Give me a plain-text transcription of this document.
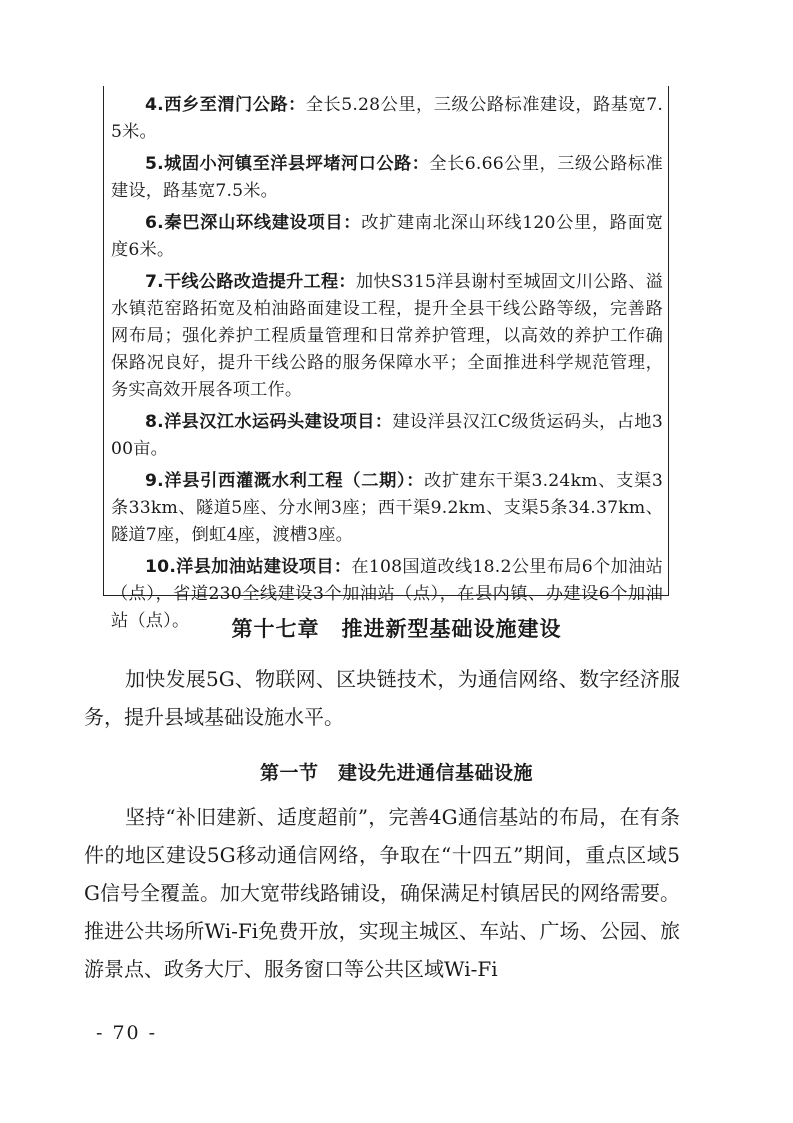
4.西乡至渭门公路：全长5.28公里，三级公路标准建设，路基宽7.5米。

5.城固小河镇至洋县坪堵河口公路：全长6.66公里，三级公路标准建设，路基宽7.5米。

6.秦巴深山环线建设项目：改扩建南北深山环线120公里，路面宽度6米。

7.干线公路改造提升工程：加快S315洋县谢村至城固文川公路、溢水镇范窑路拓宽及柏油路面建设工程，提升全县干线公路等级，完善路网布局；强化养护工程质量管理和日常养护管理，以高效的养护工作确保路况良好，提升干线公路的服务保障水平；全面推进科学规范管理，务实高效开展各项工作。

8.洋县汉江水运码头建设项目：建设洋县汉江C级货运码头，占地300亩。

9.洋县引西灌溉水利工程（二期）：改扩建东干渠3.24km、支渠3条33km、隧道5座、分水闸3座；西干渠9.2km、支渠5条34.37km、隧道7座，倒虹4座，渡槽3座。

10.洋县加油站建设项目：在108国道改线18.2公里布局6个加油站（点），省道230全线建设3个加油站（点），在县内镇、办建设6个加油站（点）。	第十七章　推进新型基础设施建设
加快发展5G、物联网、区块链技术，为通信网络、数字经济服务，提升县域基础设施水平。
第一节　建设先进通信基础设施
坚持“补旧建新、适度超前”，完善4G通信基站的布局，在有条件的地区建设5G移动通信网络，争取在“十四五”期间，重点区域5G信号全覆盖。加大宽带线路铺设，确保满足村镇居民的网络需要。推进公共场所Wi-Fi免费开放，实现主城区、车站、广场、公园、旅游景点、政务大厅、服务窗口等公共区域Wi-Fi
- 70 -
